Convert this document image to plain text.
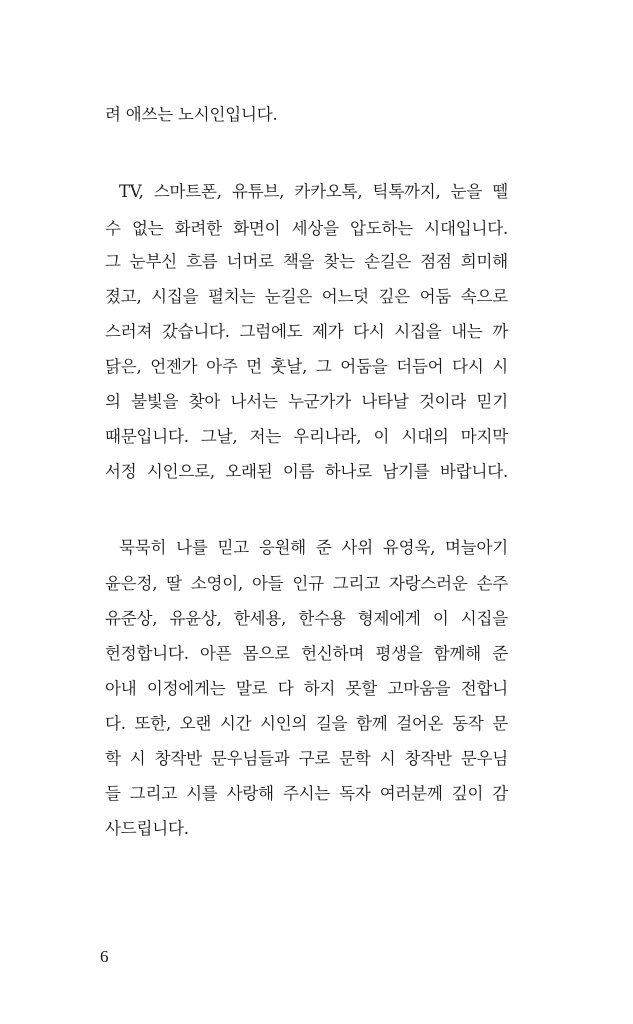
려 애쓰는 노시인입니다.
TV, 스마트폰, 유튜브, 카카오톡, 틱톡까지, 눈을 뗄
수 없는 화려한 화면이 세상을 압도하는 시대입니다.
그 눈부신 흐름 너머로 책을 찾는 손길은 점점 희미해
졌고, 시집을 펼치는 눈길은 어느덧 깊은 어둠 속으로
스러져 갔습니다. 그럼에도 제가 다시 시집을 내는 까
닭은, 언젠가 아주 먼 훗날, 그 어둠을 더듬어 다시 시
의 불빛을 찾아 나서는 누군가가 나타날 것이라 믿기
때문입니다. 그날, 저는 우리나라, 이 시대의 마지막
서정 시인으로, 오래된 이름 하나로 남기를 바랍니다.
묵묵히 나를 믿고 응원해 준 사위 유영욱, 며늘아기
윤은정, 딸 소영이, 아들 인규 그리고 자랑스러운 손주
유준상, 유윤상, 한세용, 한수용 형제에게 이 시집을
헌정합니다. 아픈 몸으로 헌신하며 평생을 함께해 준
아내 이정에게는 말로 다 하지 못할 고마움을 전합니
다. 또한, 오랜 시간 시인의 길을 함께 걸어온 동작 문
학 시 창작반 문우님들과 구로 문학 시 창작반 문우님
들 그리고 시를 사랑해 주시는 독자 여러분께 깊이 감
사드립니다.
6
